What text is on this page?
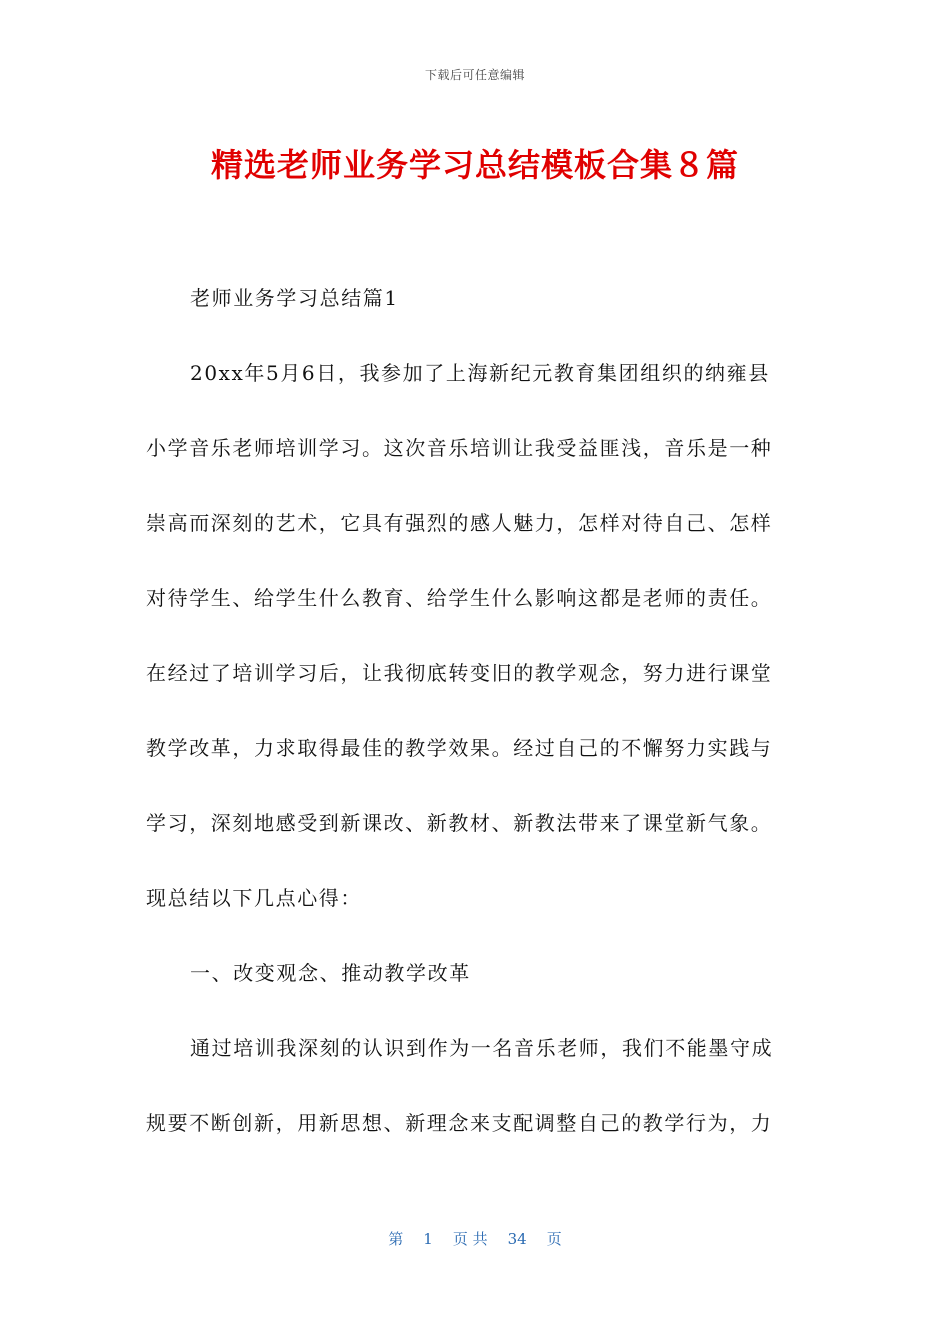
下载后可任意编辑
精选老师业务学习总结模板合集８篇
老师业务学习总结篇1
20xx年5月6日，我参加了上海新纪元教育集团组织的纳雍县
小学音乐老师培训学习。这次音乐培训让我受益匪浅，音乐是一种
崇高而深刻的艺术，它具有强烈的感人魅力，怎样对待自己、怎样
对待学生、给学生什么教育、给学生什么影响这都是老师的责任。
在经过了培训学习后，让我彻底转变旧的教学观念，努力进行课堂
教学改革，力求取得最佳的教学效果。经过自己的不懈努力实践与
学习，深刻地感受到新课改、新教材、新教法带来了课堂新气象。
现总结以下几点心得：
一、改变观念、推动教学改革
通过培训我深刻的认识到作为一名音乐老师，我们不能墨守成
规要不断创新，用新思想、新理念来支配调整自己的教学行为，力
第 1 页 共 34 页
